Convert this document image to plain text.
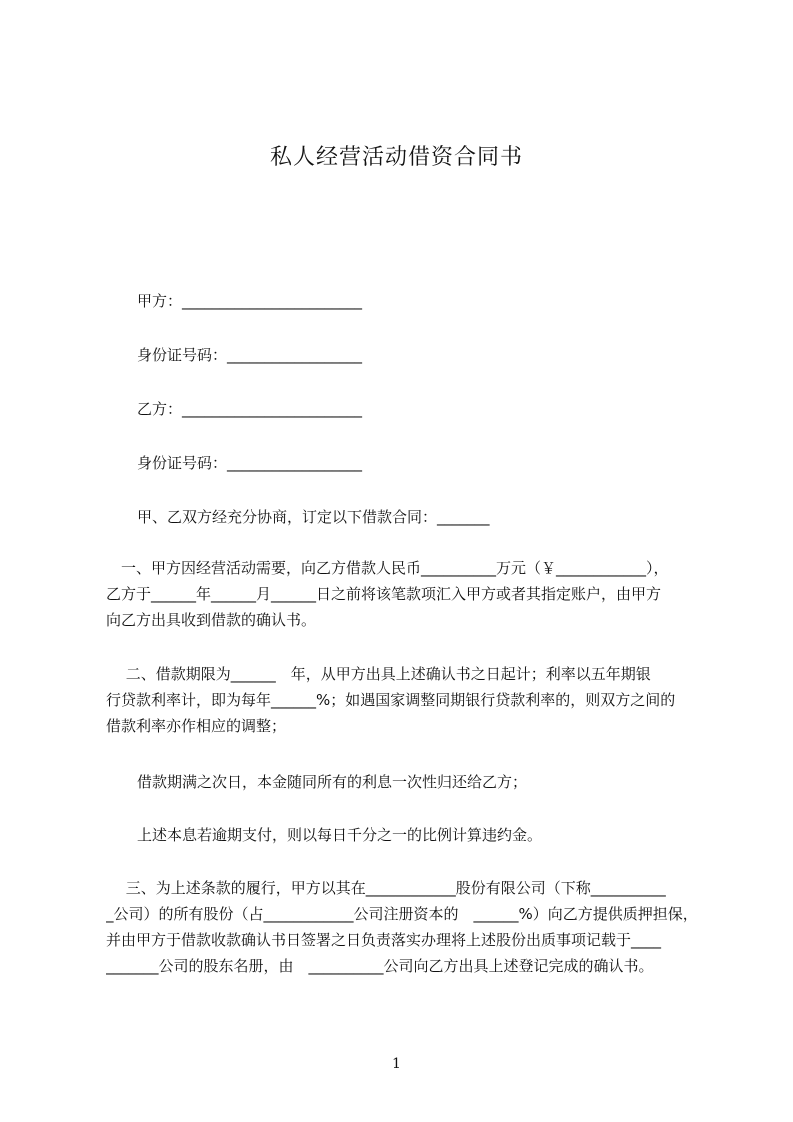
私人经营活动借资合同书
甲方：________________________
身份证号码：__________________
乙方：________________________
身份证号码：__________________
甲、乙双方经充分协商，订定以下借款合同：_______
　一、甲方因经营活动需要，向乙方借款人民币__________万元（￥____________），
乙方于______年______月______日之前将该笔款项汇入甲方或者其指定账户，由甲方
向乙方出具收到借款的确认书。
　 二、借款期限为______　年，从甲方出具上述确认书之日起计；利率以五年期银
行贷款利率计，即为每年______%；如遇国家调整同期银行贷款利率的，则双方之间的
借款利率亦作相应的调整；
借款期满之次日，本金随同所有的利息一次性归还给乙方；
上述本息若逾期支付，则以每日千分之一的比例计算违约金。
　 三、为上述条款的履行，甲方以其在____________股份有限公司（下称__________
_公司）的所有股份（占____________公司注册资本的　______%）向乙方提供质押担保，
并由甲方于借款收款确认书日签署之日负责落实办理将上述股份出质事项记载于____
_______公司的股东名册，由　__________公司向乙方出具上述登记完成的确认书。
1
